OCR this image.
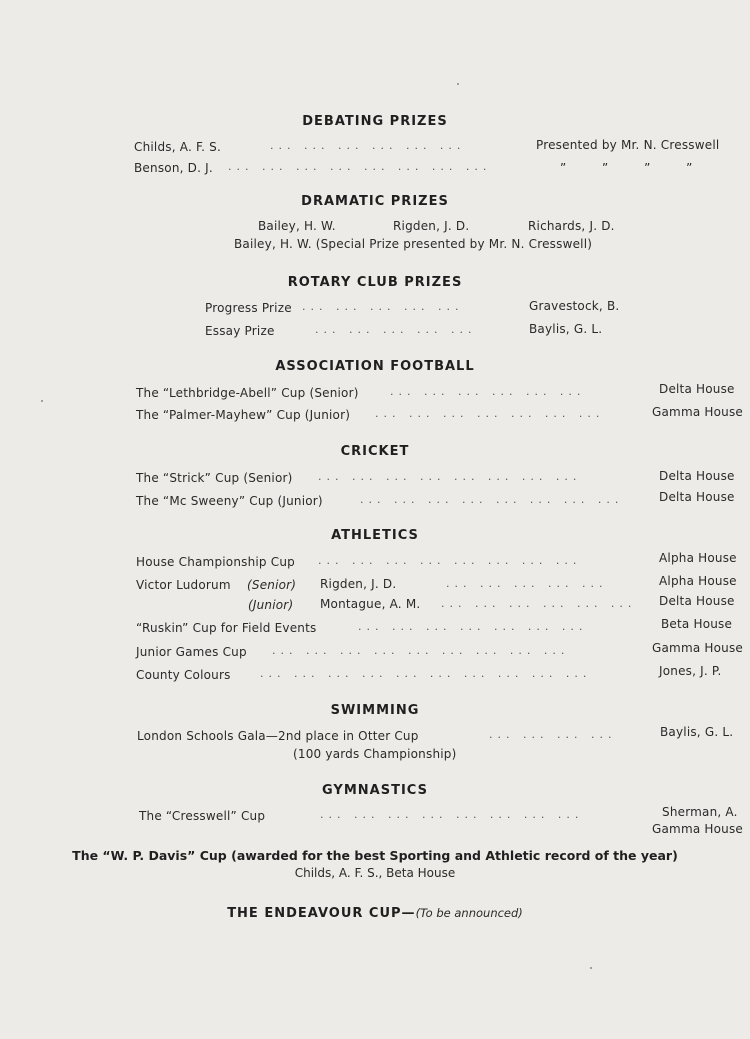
DEBATING PRIZES
Childs, A. F. S.	... ... ... ... ... ...	Presented by Mr. N. Cresswell
Benson, D. J. ... ... ... ... ... ... ... ...	” ” ” ”
DRAMATIC PRIZES
Bailey, H. W.	Rigden, J. D.	Richards, J. D.
Bailey, H. W. (Special Prize presented by Mr. N. Cresswell)
ROTARY CLUB PRIZES
Progress Prize ... ... ... ... ...	Gravestock, B.
Essay Prize	... ... ... ... ...	Baylis, G. L.
ASSOCIATION FOOTBALL
The “Lethbridge-Abell” Cup (Senior)	... ... ... ... ... ...	Delta House
The “Palmer-Mayhew” Cup (Junior) ... ... ... ... ... ... ...	Gamma House
CRICKET
The “Strick” Cup (Senior) ... ... ... ... ... ... ... ...	Delta House
The “Mc Sweeny” Cup (Junior)	... ... ... ... ... ... ... ...	Delta House
ATHLETICS
House Championship Cup ... ... ... ... ... ... ... ...	Alpha House
Victor Ludorum (Senior) Rigden, J. D.	... ... ... ... ...	Alpha House
(Junior) Montague, A. M. ... ... ... ... ... ... Delta House
“Ruskin” Cup for Field Events	... ... ... ... ... ... ...	Beta House
Junior Games Cup ... ... ... ... ... ... ... ... ...	Gamma House
County Colours	... ... ... ... ... ... ... ... ... ...	Jones, J. P.
SWIMMING
London Schools Gala—2nd place in Otter Cup	... ... ... ...	Baylis, G. L.
(100 yards Championship)
GYMNASTICS
The “Cresswell” Cup	... ... ... ... ... ... ... ...	Sherman, A.
Gamma House
The “W. P. Davis” Cup (awarded for the best Sporting and Athletic record of the year)
Childs, A. F. S., Beta House
THE ENDEAVOUR CUP—(To be announced)
